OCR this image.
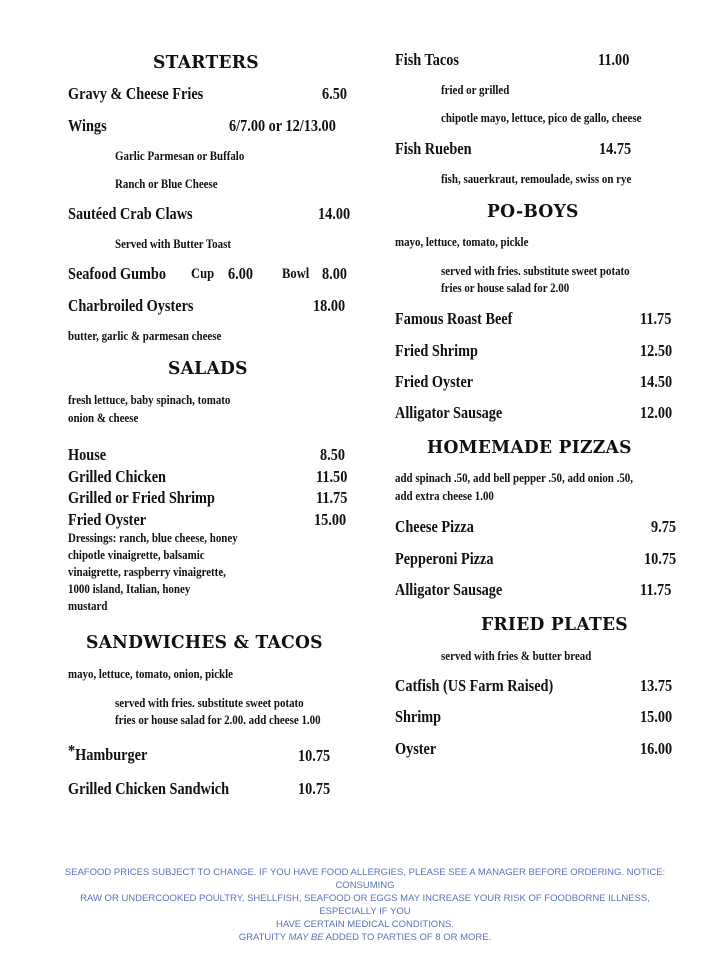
STARTERS
Gravy & Cheese Fries	6.50
Wings	6/7.00 or 12/13.00
Garlic Parmesan or Buffalo
Ranch or Blue Cheese
Sautéed Crab Claws	14.00
Served with Butter Toast
Seafood Gumbo Cup 6.00 Bowl 8.00
Charbroiled Oysters	18.00
butter, garlic & parmesan cheese
SALADS
fresh lettuce, baby spinach, tomato
onion & cheese
House	8.50
Grilled Chicken	11.50
Grilled or Fried Shrimp	11.75
Fried Oyster	15.00
Dressings: ranch, blue cheese, honey
chipotle vinaigrette, balsamic
vinaigrette, raspberry vinaigrette,
1000 island, Italian, honey
mustard
SANDWICHES & TACOS
mayo, lettuce, tomato, onion, pickle
served with fries. substitute sweet potato
fries or house salad for 2.00. add cheese 1.00
*Hamburger	10.75
Grilled Chicken Sandwich	10.75
Fish Tacos	11.00
fried or grilled
chipotle mayo, lettuce, pico de gallo, cheese
Fish Rueben	14.75
fish, sauerkraut, remoulade, swiss on rye
PO-BOYS
mayo, lettuce, tomato, pickle
served with fries. substitute sweet potato
fries or house salad for 2.00
Famous Roast Beef	11.75
Fried Shrimp	12.50
Fried Oyster	14.50
Alligator Sausage	12.00
HOMEMADE PIZZAS
add spinach .50, add bell pepper .50, add onion .50,
add extra cheese 1.00
Cheese Pizza	9.75
Pepperoni Pizza	10.75
Alligator Sausage	11.75
FRIED PLATES
served with fries & butter bread
Catfish (US Farm Raised)	13.75
Shrimp	15.00
Oyster	16.00
SEAFOOD PRICES SUBJECT TO CHANGE. IF YOU HAVE FOOD ALLERGIES, PLEASE SEE A MANAGER BEFORE ORDERING. NOTICE: CONSUMING
RAW OR UNDERCOOKED POULTRY, SHELLFISH, SEAFOOD OR EGGS MAY INCREASE YOUR RISK OF FOODBORNE ILLNESS, ESPECIALLY IF YOU
HAVE CERTAIN MEDICAL CONDITIONS.
GRATUITY MAY BE ADDED TO PARTIES OF 8 OR MORE.
